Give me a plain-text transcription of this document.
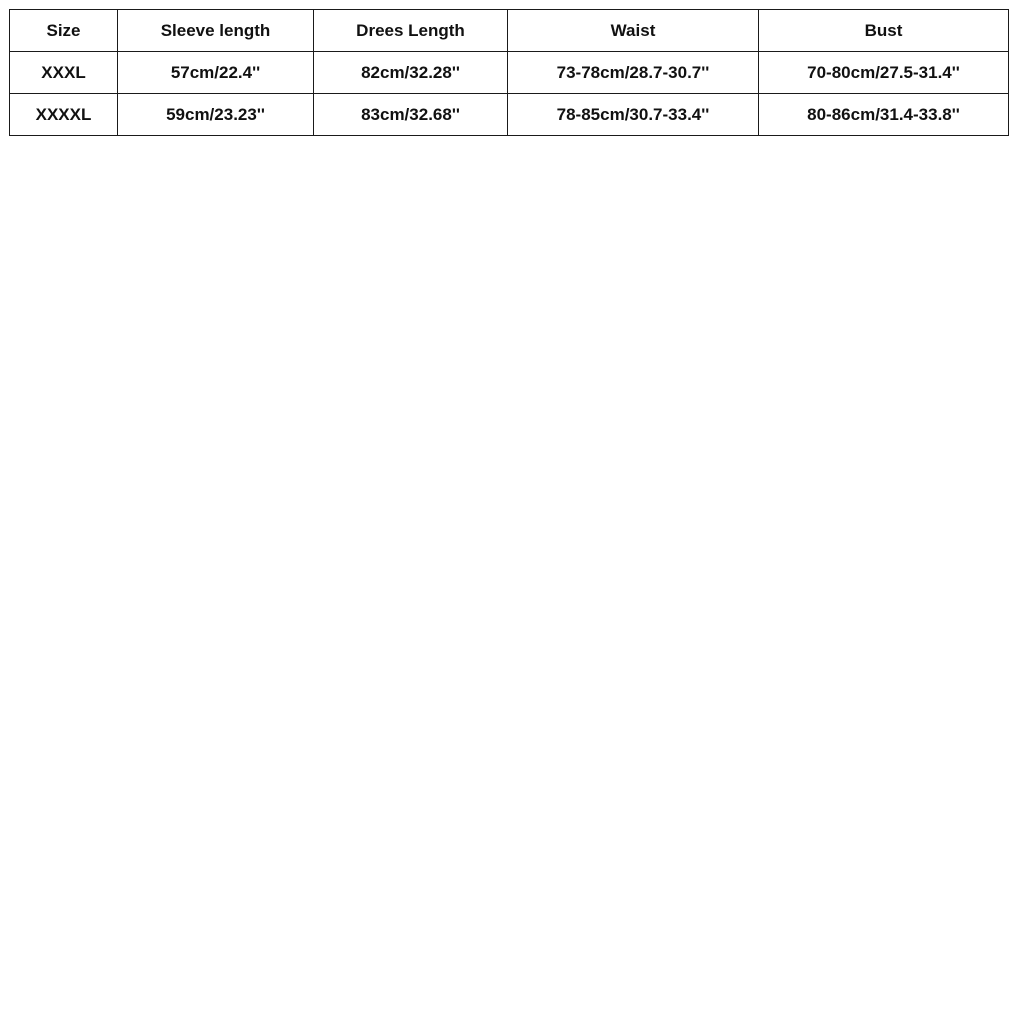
Size	Sleeve length	Drees Length	Waist	Bust
XXXL	57cm/22.4''	82cm/32.28''	73-78cm/28.7-30.7''	70-80cm/27.5-31.4''
XXXXL	59cm/23.23''	83cm/32.68''	78-85cm/30.7-33.4''	80-86cm/31.4-33.8''
